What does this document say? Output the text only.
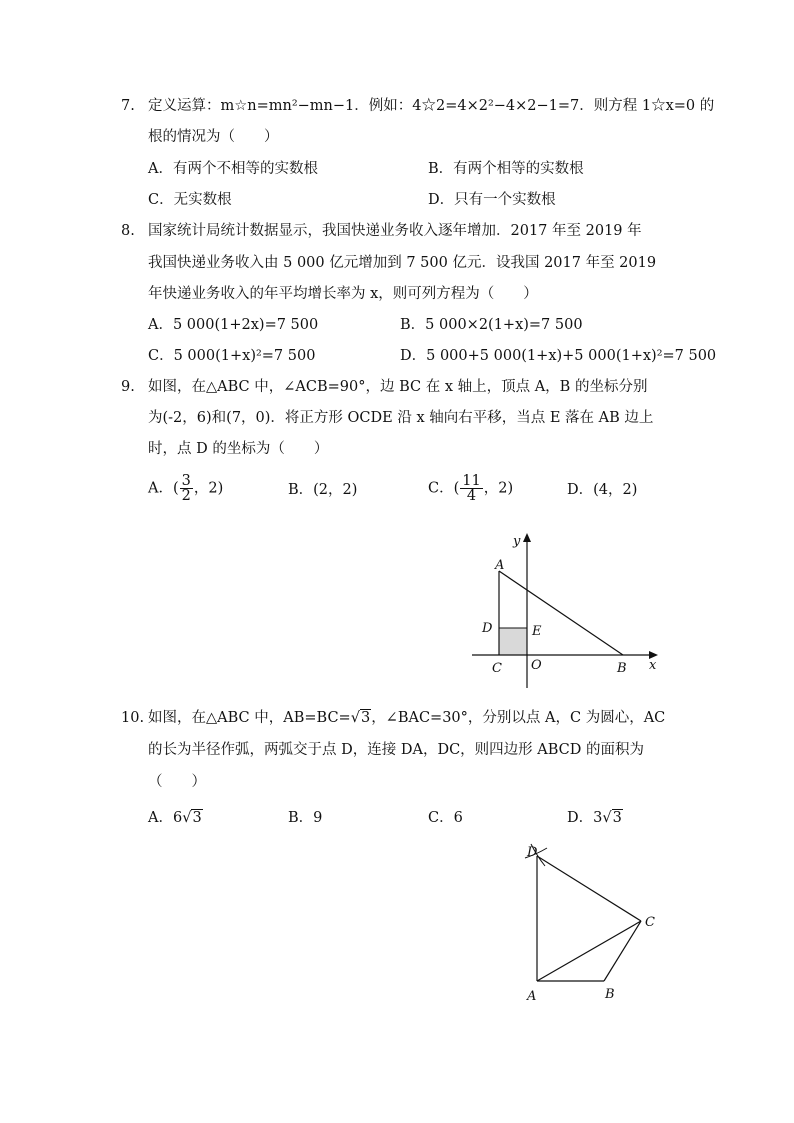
7. 定义运算：m☆n=mn²−mn−1．例如：4☆2=4×2²−4×2−1=7．则方程 1☆x=0 的
根的情况为（　　）
A．有两个不相等的实数根	B．有两个相等的实数根
C．无实数根	D．只有一个实数根
8. 国家统计局统计数据显示，我国快递业务收入逐年增加．2017 年至 2019 年
我国快递业务收入由 5 000 亿元增加到 7 500 亿元．设我国 2017 年至 2019
年快递业务收入的年平均增长率为 x，则可列方程为（　　）
A．5 000(1+2x)=7 500	B．5 000×2(1+x)=7 500
C．5 000(1+x)²=7 500	D．5 000+5 000(1+x)+5 000(1+x)²=7 500
9. 如图，在△ABC 中，∠ACB=90°，边 BC 在 x 轴上，顶点 A，B 的坐标分别
为(-2，6)和(7，0)．将正方形 OCDE 沿 x 轴向右平移，当点 E 落在 AB 边上
时，点 D 的坐标为（　　）
A．( $\frac{3}{2}$ ，2)	B．(2，2)	C．( $\frac{11}{4}$ ，2)	D．(4，2)
y
A
D	E
C O	B x
10. 如图，在△ABC 中，AB=BC=√3，∠BAC=30°，分别以点 A，C 为圆心，AC
的长为半径作弧，两弧交于点 D，连接 DA，DC，则四边形 ABCD 的面积为
（　　）
A．6√3	B．9	C．6	D．3√3
D
C
A	B
